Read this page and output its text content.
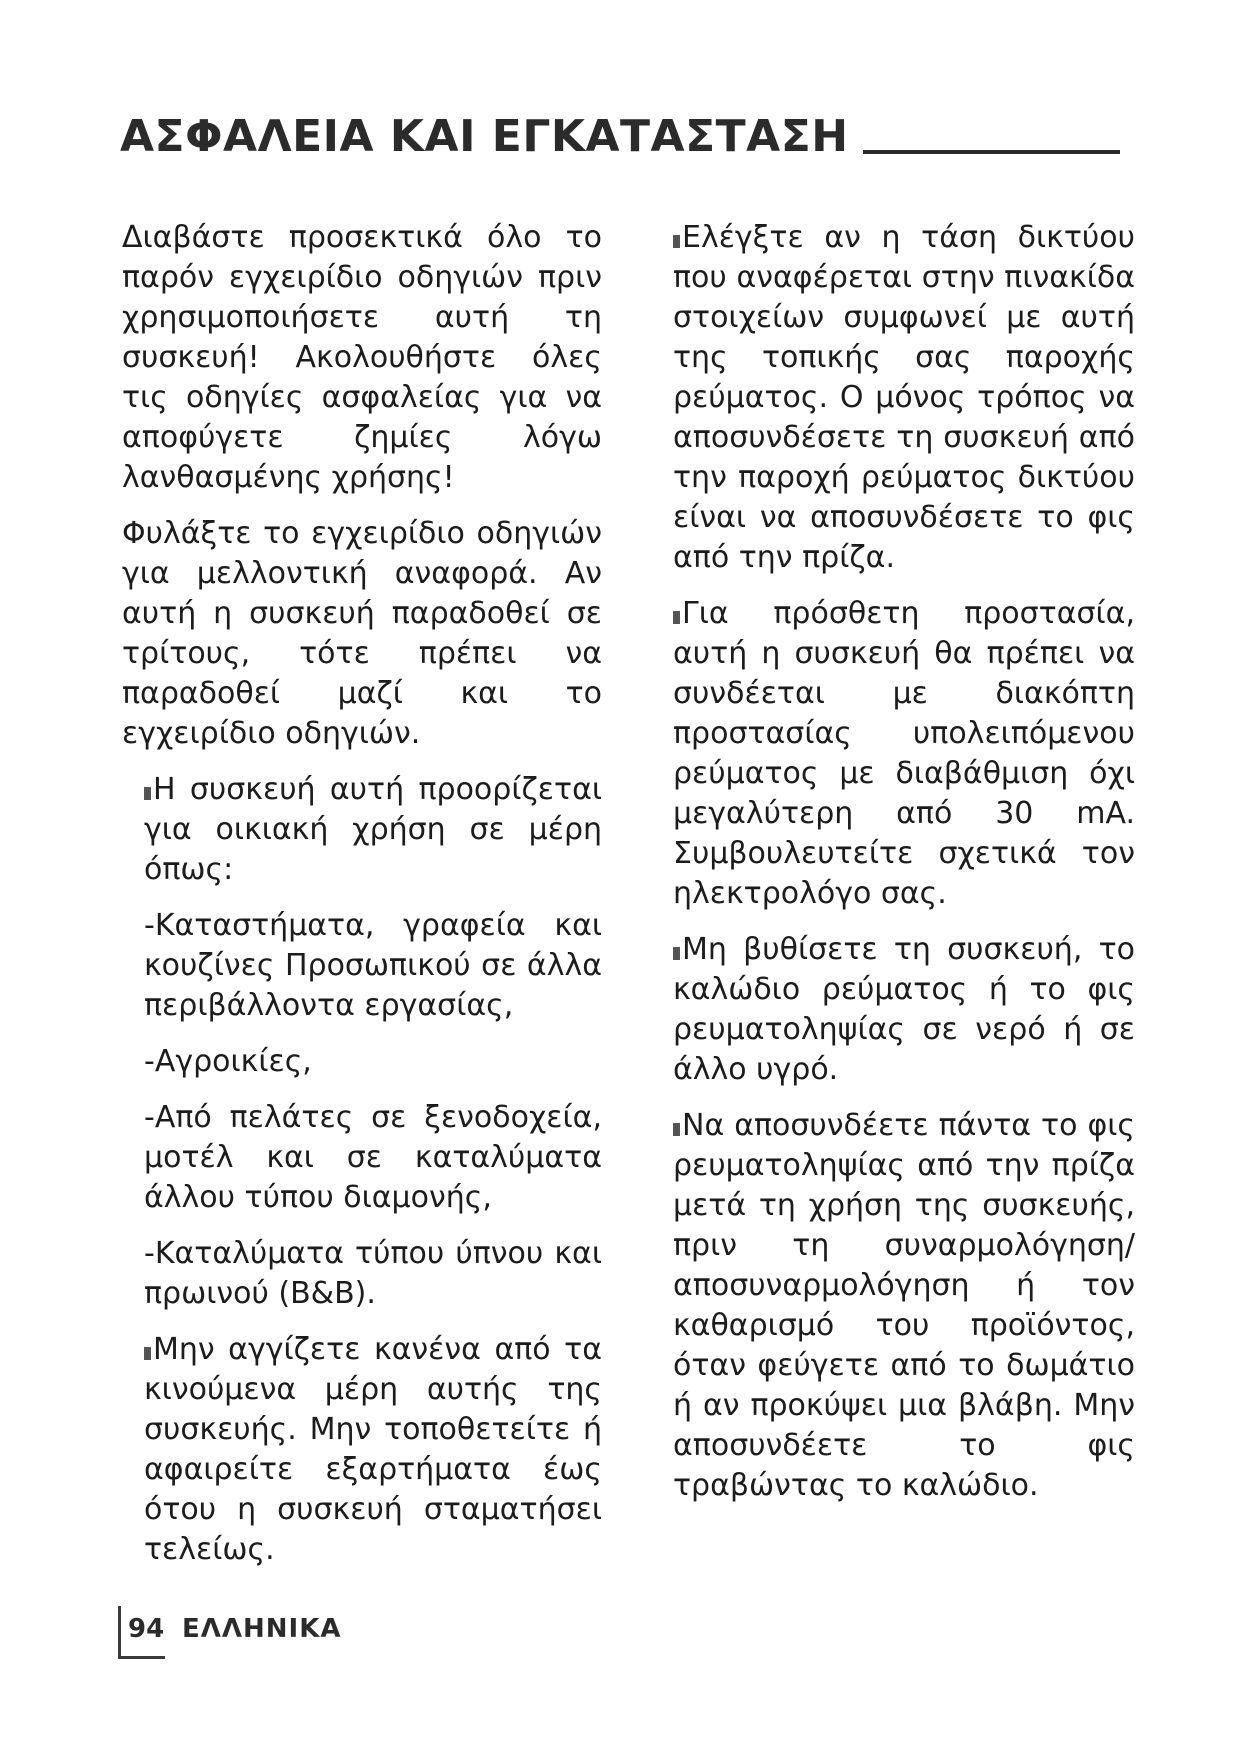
ΑΣΦΑΛΕΙΑ ΚΑΙ ΕΓΚΑΤΑΣΤΑΣΗ

Διαβάστε προσεκτικά όλο το παρόν εγχειρίδιο οδηγιών πριν χρησιμοποιήσετε αυτή τη συσκευή! Ακολουθήστε όλες τις οδηγίες ασφαλείας για να αποφύγετε ζημίες λόγω λανθασμένης χρήσης!

Φυλάξτε το εγχειρίδιο οδηγιών για μελλοντική αναφορά. Αν αυτή η συσκευή παραδοθεί σε τρίτους, τότε πρέπει να παραδοθεί μαζί και το εγχειρίδιο οδηγιών.

Η συσκευή αυτή προορίζεται για οικιακή χρήση σε μέρη όπως:

-Καταστήματα, γραφεία και κουζίνες Προσωπικού σε άλλα περιβάλλοντα εργασίας,

-Αγροικίες,

-Από πελάτες σε ξενοδοχεία, μοτέλ και σε καταλύματα άλλου τύπου διαμονής,

-Καταλύματα τύπου ύπνου και πρωινού (B&B).

Μην αγγίζετε κανένα από τα κινούμενα μέρη αυτής της συσκευής. Μην τοποθετείτε ή αφαιρείτε εξαρτήματα έως ότου η συσκευή σταματήσει τελείως.

Ελέγξτε αν η τάση δικτύου που αναφέρεται στην πινακίδα στοιχείων συμφωνεί με αυτή της τοπικής σας παροχής ρεύματος. Ο μόνος τρόπος να αποσυνδέσετε τη συσκευή από την παροχή ρεύματος δικτύου είναι να αποσυνδέσετε το φις από την πρίζα.

Για πρόσθετη προστασία, αυτή η συσκευή θα πρέπει να συνδέεται με διακόπτη προστασίας υπολειπόμενου ρεύματος με διαβάθμιση όχι μεγαλύτερη από 30 mA. Συμβουλευτείτε σχετικά τον ηλεκτρολόγο σας.

Μη βυθίσετε τη συσκευή, το καλώδιο ρεύματος ή το φις ρευματοληψίας σε νερό ή σε άλλο υγρό.

Να αποσυνδέετε πάντα το φις ρευματοληψίας από την πρίζα μετά τη χρήση της συσκευής, πριν τη συναρμολόγηση/αποσυναρμολόγηση ή τον καθαρισμό του προϊόντος, όταν φεύγετε από το δωμάτιο ή αν προκύψει μια βλάβη. Μην αποσυνδέετε το φις τραβώντας το καλώδιο.

94 ΕΛΛΗΝΙΚΑ
